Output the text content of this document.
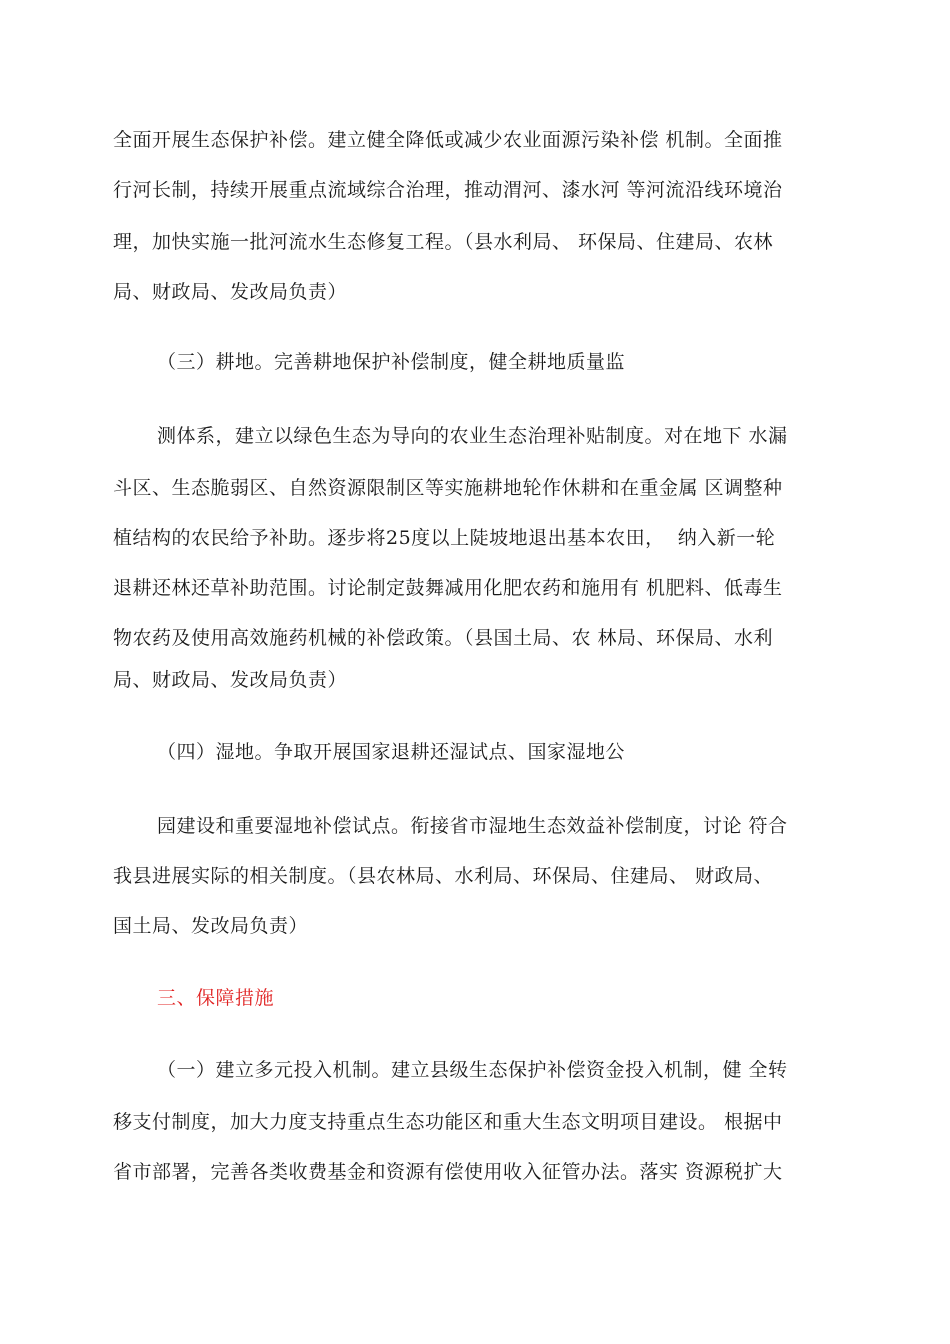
全面开展生态保护补偿。建立健全降低或减少农业面源污染补偿 机制。全面推
行河长制，持续开展重点流域综合治理，推动渭河、漆水河 等河流沿线环境治
理，加快实施一批河流水生态修复工程。（县水利局、 环保局、住建局、农林
局、财政局、发改局负责）
（三）耕地。完善耕地保护补偿制度，健全耕地质量监
测体系，建立以绿色生态为导向的农业生态治理补贴制度。对在地下 水漏
斗区、生态脆弱区、自然资源限制区等实施耕地轮作休耕和在重金属 区调整种
植结构的农民给予补助。逐步将25度以上陡坡地退出基本农田，  纳入新一轮
退耕还林还草补助范围。讨论制定鼓舞减用化肥农药和施用有 机肥料、低毒生
物农药及使用高效施药机械的补偿政策。（县国土局、农 林局、环保局、水利
局、财政局、发改局负责）
（四）湿地。争取开展国家退耕还湿试点、国家湿地公
园建设和重要湿地补偿试点。衔接省市湿地生态效益补偿制度，讨论 符合
我县进展实际的相关制度。（县农林局、水利局、环保局、住建局、 财政局、
国土局、发改局负责）
三、保障措施
（一）建立多元投入机制。建立县级生态保护补偿资金投入机制，健 全转
移支付制度，加大力度支持重点生态功能区和重大生态文明项目建设。 根据中
省市部署，完善各类收费基金和资源有偿使用收入征管办法。落实 资源税扩大
